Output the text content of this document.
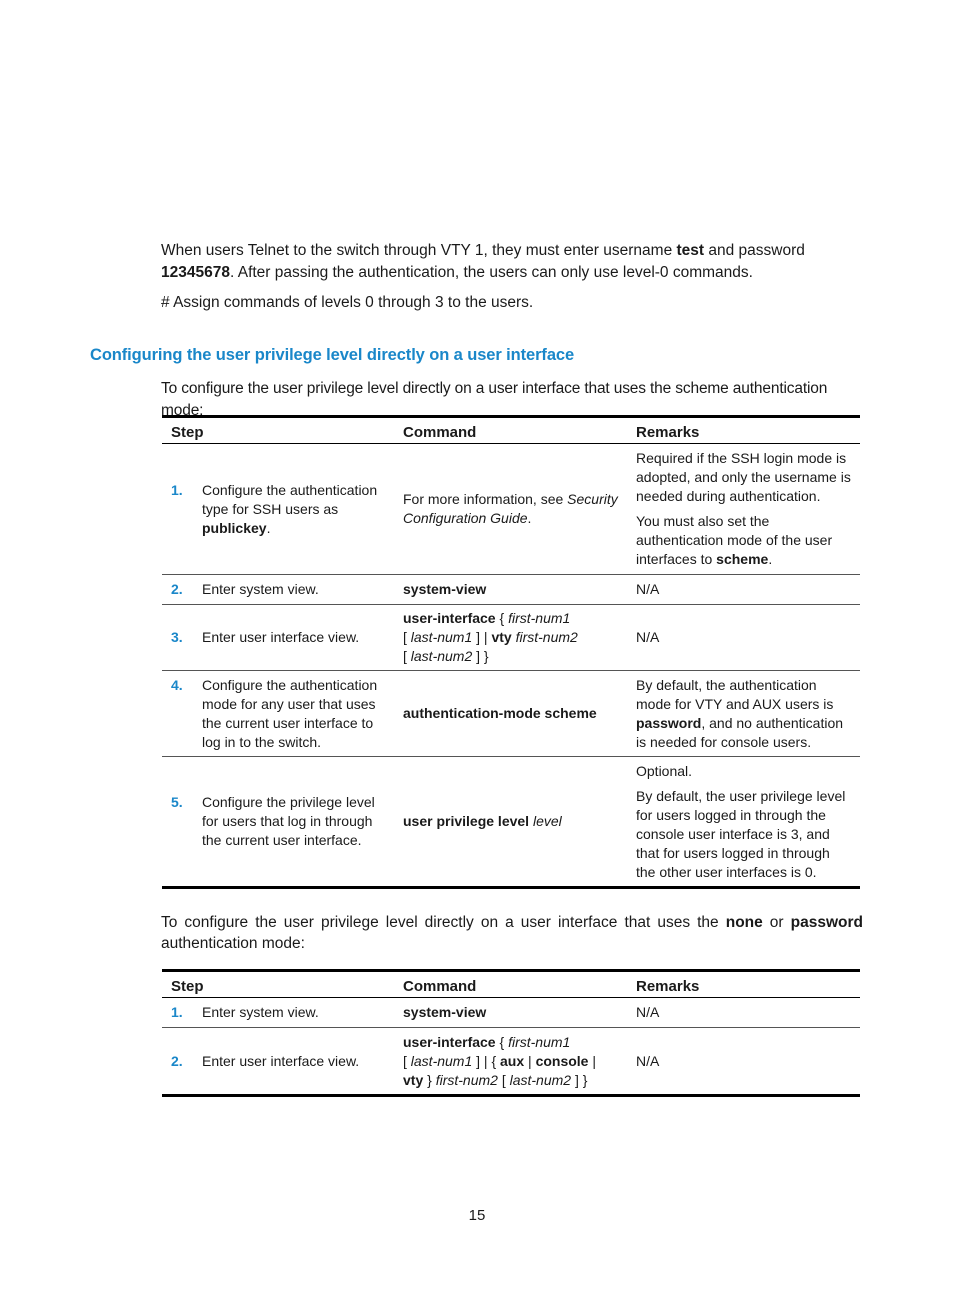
When users Telnet to the switch through VTY 1, they must enter username test and password 12345678. After passing the authentication, the users can only use level-0 commands.

# Assign commands of levels 0 through 3 to the users.

Configuring the user privilege level directly on a user interface

To configure the user privilege level directly on a user interface that uses the scheme authentication mode:

Step	Command	Remarks

1. Configure the authentication type for SSH users as publickey.	For more information, see Security Configuration Guide.	Required if the SSH login mode is adopted, and only the username is needed during authentication.
You must also set the authentication mode of the user interfaces to scheme.

2. Enter system view.	system-view	N/A

3. Enter user interface view.	user-interface { first-num1
[ last-num1 ] | vty first-num2
[ last-num2 ] }	N/A

4. Configure the authentication mode for any user that uses the current user interface to log in to the switch.	authentication-mode scheme	By default, the authentication mode for VTY and AUX users is password, and no authentication is needed for console users.

5. Configure the privilege level for users that log in through the current user interface.	user privilege level level	Optional.
By default, the user privilege level for users logged in through the console user interface is 3, and that for users logged in through the other user interfaces is 0.

To configure the user privilege level directly on a user interface that uses the none or password authentication mode:

Step	Command	Remarks

1. Enter system view.	system-view	N/A

2. Enter user interface view.	user-interface { first-num1
[ last-num1 ] | { aux | console |
vty } first-num2 [ last-num2 ] }	N/A
15
